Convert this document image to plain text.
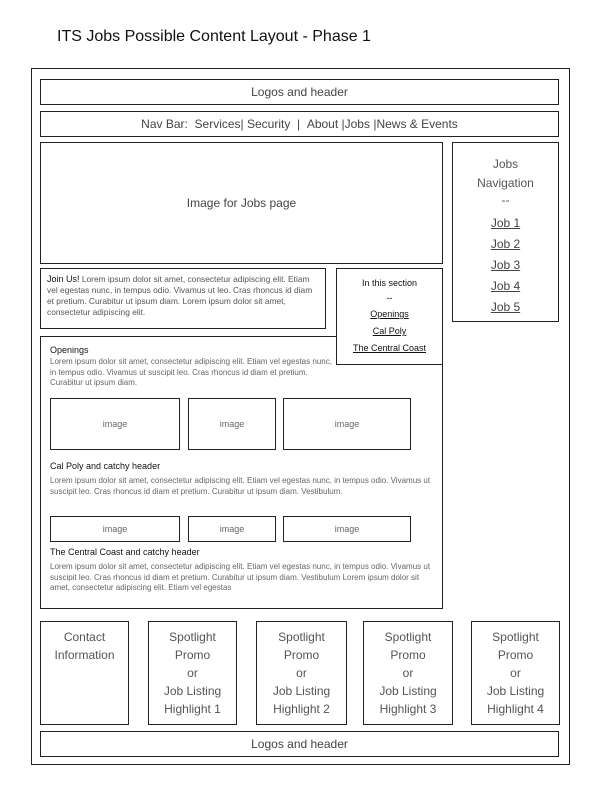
ITS Jobs Possible Content Layout - Phase 1
Logos and header
Nav Bar:
Services | Security | About | Jobs | News & Events
Image for Jobs page
Jobs
Navigation
--
Job 1
Job 2
Job 3
Job 4
Job 5
Join Us! Lorem ipsum dolor sit amet, consectetur adipiscing elit. Etiam vel egestas nunc, in tempus odio. Vivamus ut leo. Cras rhoncus id diam et pretium. Curabitur ut ipsum diam. Lorem ipsum dolor sit amet, consectetur adipiscing elit.
Openings
Lorem ipsum dolor sit amet, consectetur adipiscing elit. Etiam vel egestas nunc, in tempus odio. Vivamus ut suscipit leo. Cras rhoncus id diam et pretium. Curabitur ut ipsum diam.
image	image	image
Cal Poly and catchy header
Lorem ipsum dolor sit amet, consectetur adipiscing elit. Etiam vel egestas nunc, in tempus odio. Vivamus ut suscipit leo. Cras rhoncus id diam et pretium. Curabitur ut ipsum diam. Vestibulum.
image	image	image
The Central Coast and catchy header
Lorem ipsum dolor sit amet, consectetur adipiscing elit. Etiam vel egestas nunc, in tempus odio. Vivamus ut suscipit leo. Cras rhoncus id diam et pretium. Curabitur ut ipsum diam. Vestibulum Lorem ipsum dolor sit amet, consectetur adipiscing elit. Etiam vel egestas
In this section
--
Openings
Cal Poly
The Central Coast
Contact
Information
Spotlight
Promo
or
Job Listing
Highlight 1
Spotlight
Promo
or
Job Listing
Highlight 2
Spotlight
Promo
or
Job Listing
Highlight 3
Spotlight
Promo
or
Job Listing
Highlight 4
Logos and header
